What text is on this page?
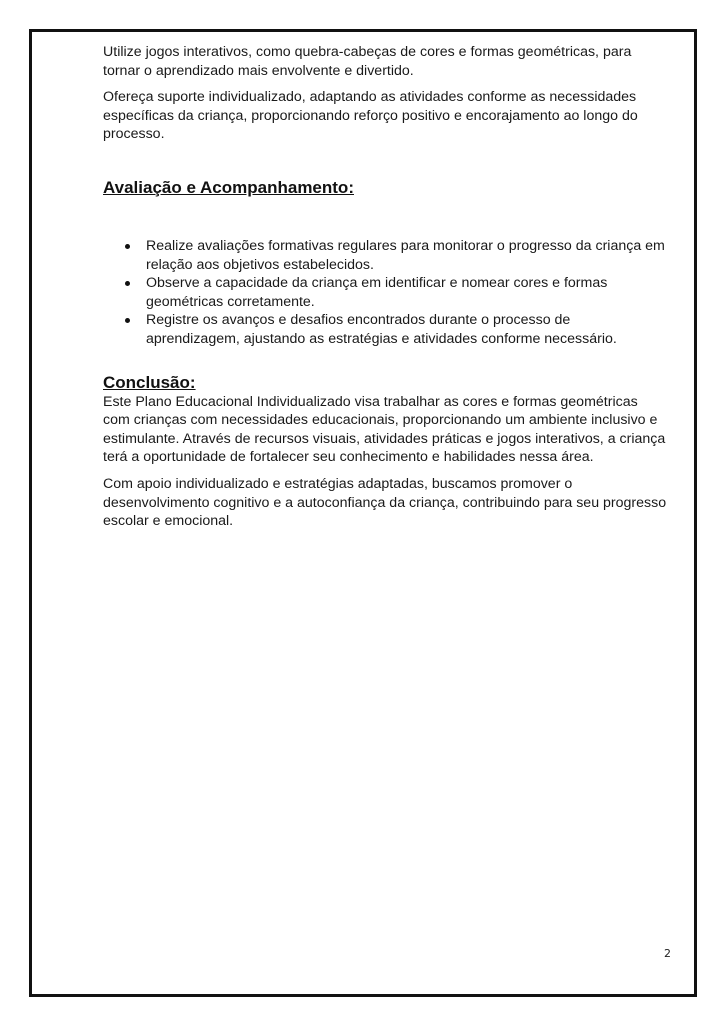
Utilize jogos interativos, como quebra-cabeças de cores e formas geométricas, para tornar o aprendizado mais envolvente e divertido.

Ofereça suporte individualizado, adaptando as atividades conforme as necessidades específicas da criança, proporcionando reforço positivo e encorajamento ao longo do processo.

Avaliação e Acompanhamento:
Realize avaliações formativas regulares para monitorar o progresso da criança em relação aos objetivos estabelecidos.
Observe a capacidade da criança em identificar e nomear cores e formas geométricas corretamente.
Registre os avanços e desafios encontrados durante o processo de aprendizagem, ajustando as estratégias e atividades conforme necessário.
Conclusão:

Este Plano Educacional Individualizado visa trabalhar as cores e formas geométricas com crianças com necessidades educacionais, proporcionando um ambiente inclusivo e estimulante. Através de recursos visuais, atividades práticas e jogos interativos, a criança terá a oportunidade de fortalecer seu conhecimento e habilidades nessa área.

Com apoio individualizado e estratégias adaptadas, buscamos promover o desenvolvimento cognitivo e a autoconfiança da criança, contribuindo para seu progresso escolar e emocional.

2
